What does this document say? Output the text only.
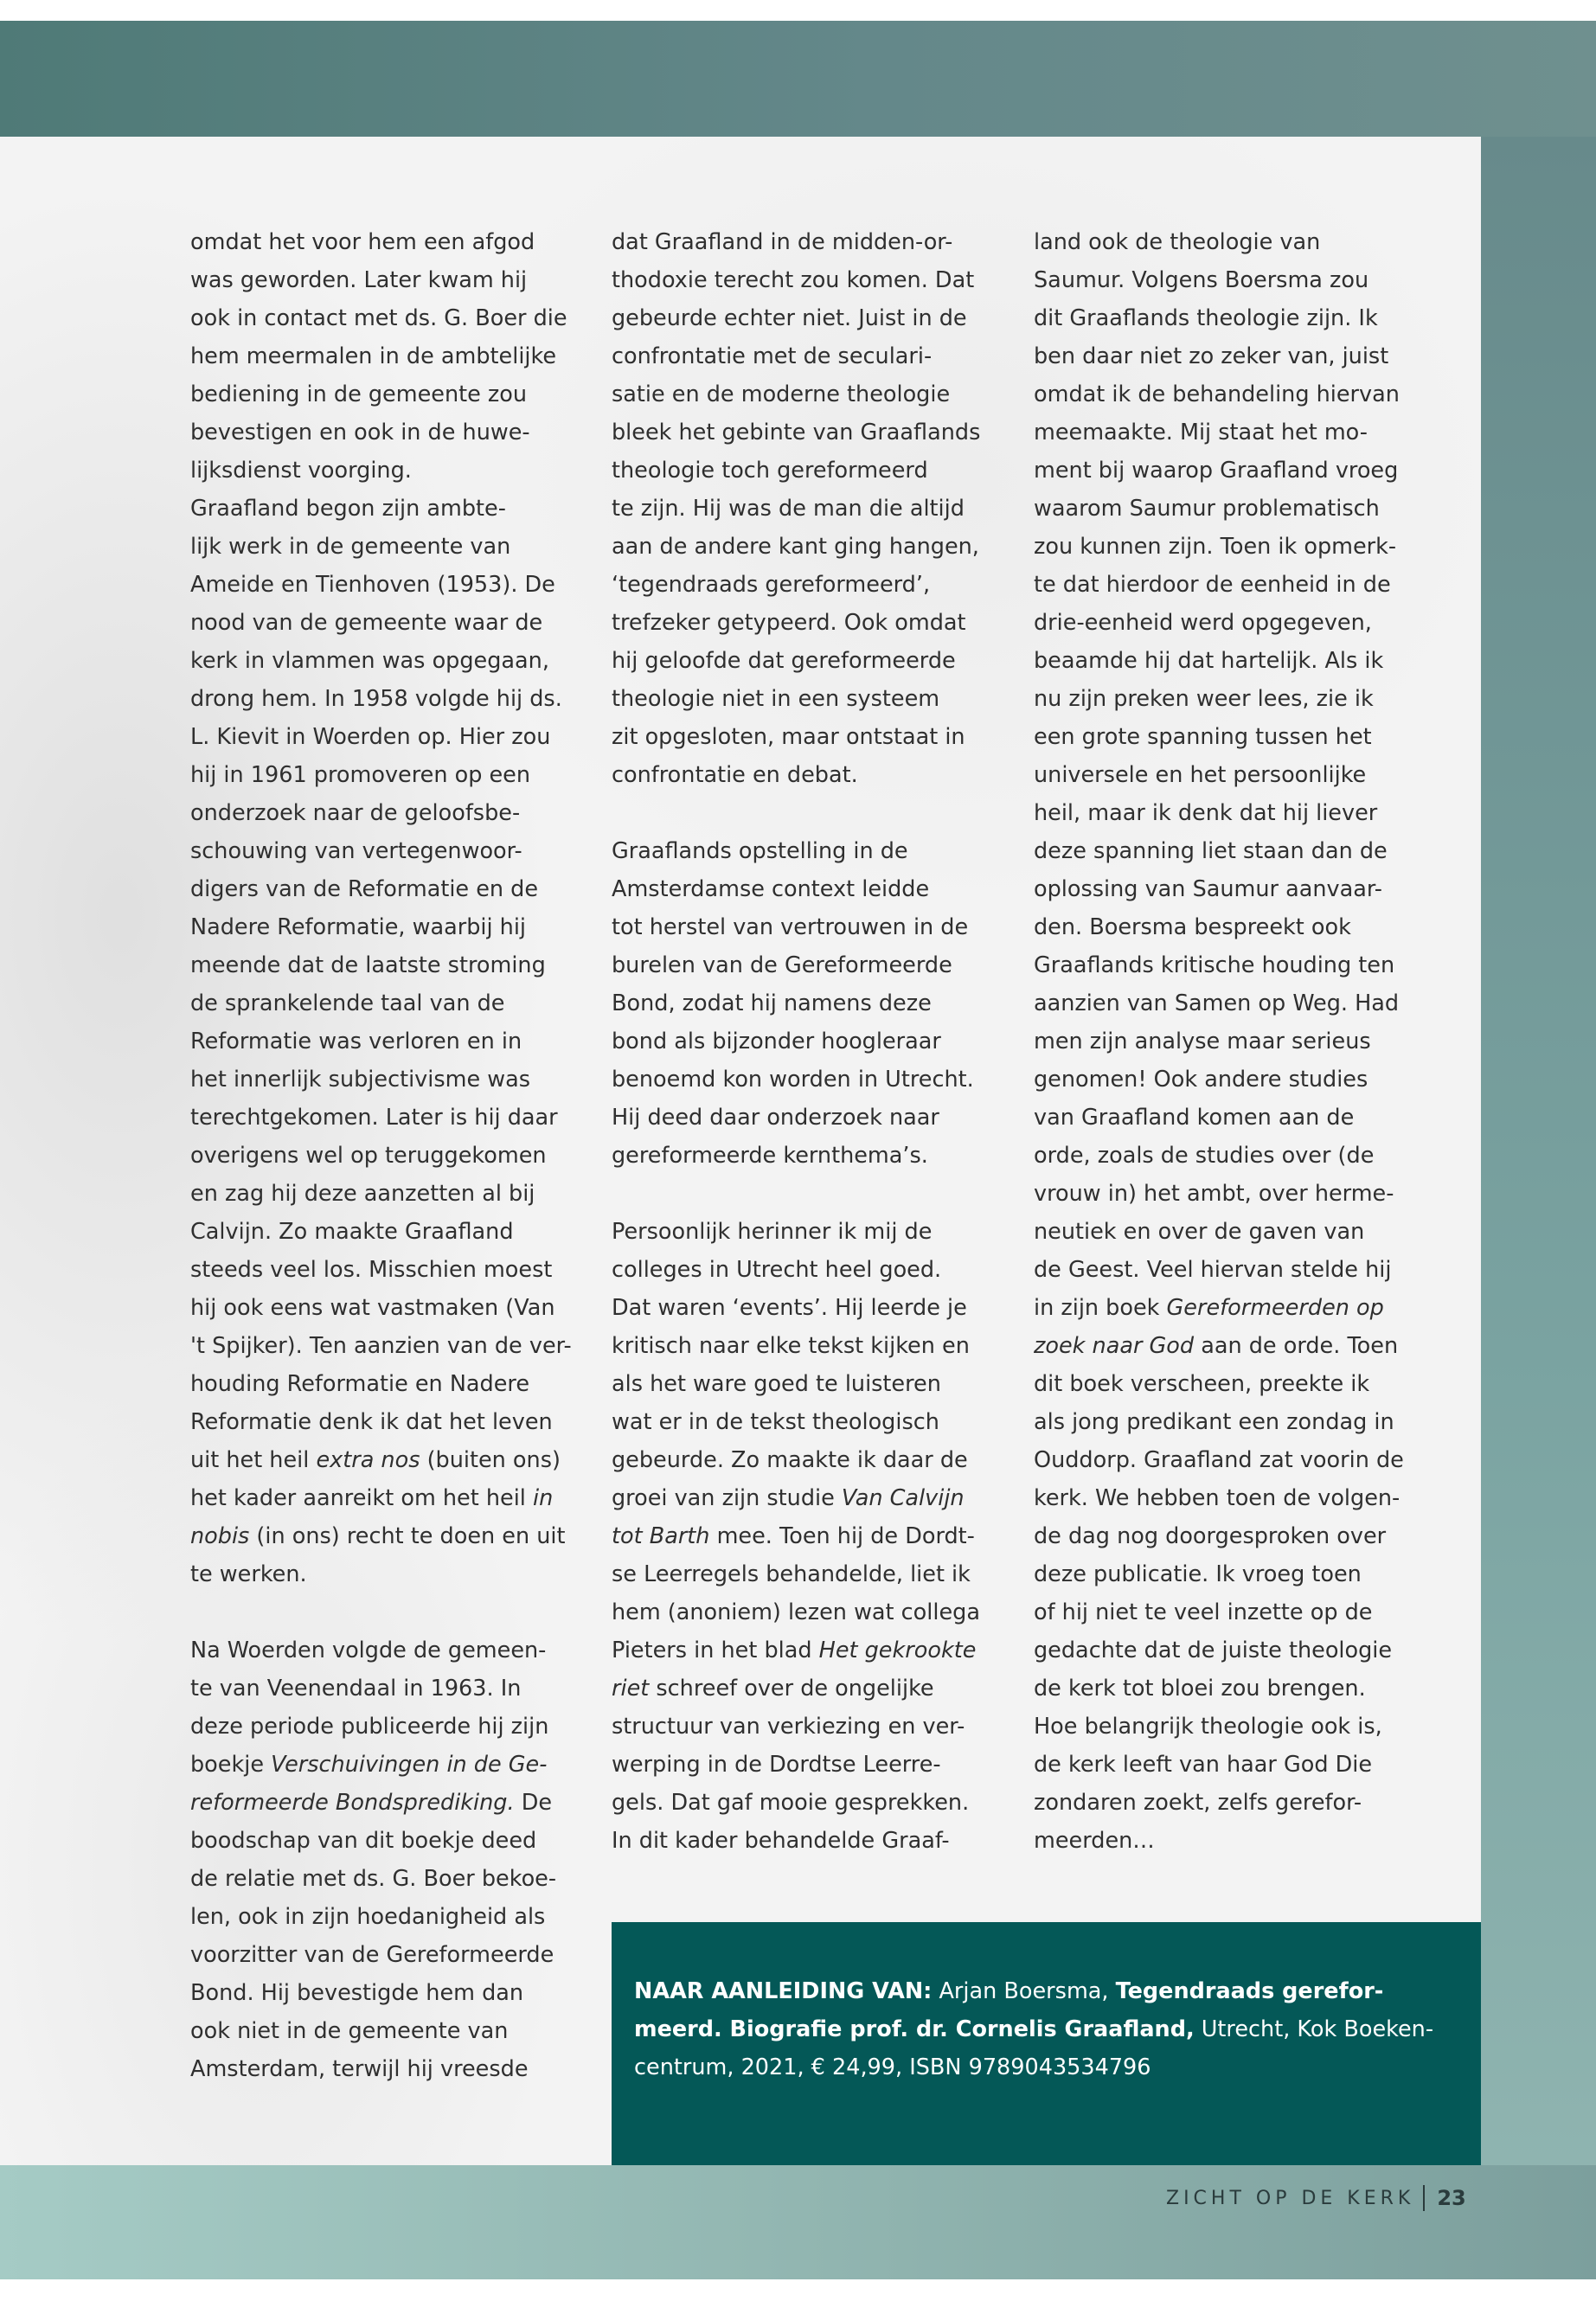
omdat het voor hem een afgod
was geworden. Later kwam hij
ook in contact met ds. G. Boer die
hem meermalen in de ambtelijke
bediening in de gemeente zou
bevestigen en ook in de huwe-
lijksdienst voorging.
Graafland begon zijn ambte-
lijk werk in de gemeente van
Ameide en Tienhoven (1953). De
nood van de gemeente waar de
kerk in vlammen was opgegaan,
drong hem. In 1958 volgde hij ds.
L. Kievit in Woerden op. Hier zou
hij in 1961 promoveren op een
onderzoek naar de geloofsbe-
schouwing van vertegenwoor-
digers van de Reformatie en de
Nadere Reformatie, waarbij hij
meende dat de laatste stroming
de sprankelende taal van de
Reformatie was verloren en in
het innerlijk subjectivisme was
terechtgekomen. Later is hij daar
overigens wel op teruggekomen
en zag hij deze aanzetten al bij
Calvijn. Zo maakte Graafland
steeds veel los. Misschien moest
hij ook eens wat vastmaken (Van
't Spijker). Ten aanzien van de ver-
houding Reformatie en Nadere
Reformatie denk ik dat het leven
uit het heil extra nos (buiten ons)
het kader aanreikt om het heil in
nobis (in ons) recht te doen en uit
te werken.
Na Woerden volgde de gemeen-
te van Veenendaal in 1963. In
deze periode publiceerde hij zijn
boekje Verschuivingen in de Ge-
reformeerde Bondsprediking. De
boodschap van dit boekje deed
de relatie met ds. G. Boer bekoe-
len, ook in zijn hoedanigheid als
voorzitter van de Gereformeerde
Bond. Hij bevestigde hem dan
ook niet in de gemeente van
Amsterdam, terwijl hij vreesde
dat Graafland in de midden-or-
thodoxie terecht zou komen. Dat
gebeurde echter niet. Juist in de
confrontatie met de seculari-
satie en de moderne theologie
bleek het gebinte van Graaflands
theologie toch gereformeerd
te zijn. Hij was de man die altijd
aan de andere kant ging hangen,
‘tegendraads gereformeerd’,
trefzeker getypeerd. Ook omdat
hij geloofde dat gereformeerde
theologie niet in een systeem
zit opgesloten, maar ontstaat in
confrontatie en debat.
Graaflands opstelling in de
Amsterdamse context leidde
tot herstel van vertrouwen in de
burelen van de Gereformeerde
Bond, zodat hij namens deze
bond als bijzonder hoogleraar
benoemd kon worden in Utrecht.
Hij deed daar onderzoek naar
gereformeerde kernthema’s.
Persoonlijk herinner ik mij de
colleges in Utrecht heel goed.
Dat waren ‘events’. Hij leerde je
kritisch naar elke tekst kijken en
als het ware goed te luisteren
wat er in de tekst theologisch
gebeurde. Zo maakte ik daar de
groei van zijn studie Van Calvijn
tot Barth mee. Toen hij de Dordt-
se Leerregels behandelde, liet ik
hem (anoniem) lezen wat collega
Pieters in het blad Het gekrookte
riet schreef over de ongelijke
structuur van verkiezing en ver-
werping in de Dordtse Leerre-
gels. Dat gaf mooie gesprekken.
In dit kader behandelde Graaf-
land ook de theologie van
Saumur. Volgens Boersma zou
dit Graaflands theologie zijn. Ik
ben daar niet zo zeker van, juist
omdat ik de behandeling hiervan
meemaakte. Mij staat het mo-
ment bij waarop Graafland vroeg
waarom Saumur problematisch
zou kunnen zijn. Toen ik opmerk-
te dat hierdoor de eenheid in de
drie-eenheid werd opgegeven,
beaamde hij dat hartelijk. Als ik
nu zijn preken weer lees, zie ik
een grote spanning tussen het
universele en het persoonlijke
heil, maar ik denk dat hij liever
deze spanning liet staan dan de
oplossing van Saumur aanvaar-
den. Boersma bespreekt ook
Graaflands kritische houding ten
aanzien van Samen op Weg. Had
men zijn analyse maar serieus
genomen! Ook andere studies
van Graafland komen aan de
orde, zoals de studies over (de
vrouw in) het ambt, over herme-
neutiek en over de gaven van
de Geest. Veel hiervan stelde hij
in zijn boek Gereformeerden op
zoek naar God aan de orde. Toen
dit boek verscheen, preekte ik
als jong predikant een zondag in
Ouddorp. Graafland zat voorin de
kerk. We hebben toen de volgen-
de dag nog doorgesproken over
deze publicatie. Ik vroeg toen
of hij niet te veel inzette op de
gedachte dat de juiste theologie
de kerk tot bloei zou brengen.
Hoe belangrijk theologie ook is,
de kerk leeft van haar God Die
zondaren zoekt, zelfs gerefor-
meerden…
NAAR AANLEIDING VAN: Arjan Boersma, Tegendraads gerefor-
meerd. Biografie prof. dr. Cornelis Graafland, Utrecht, Kok Boeken-
centrum, 2021, € 24,99, ISBN 9789043534796
ZICHT OP DE KERK 23
